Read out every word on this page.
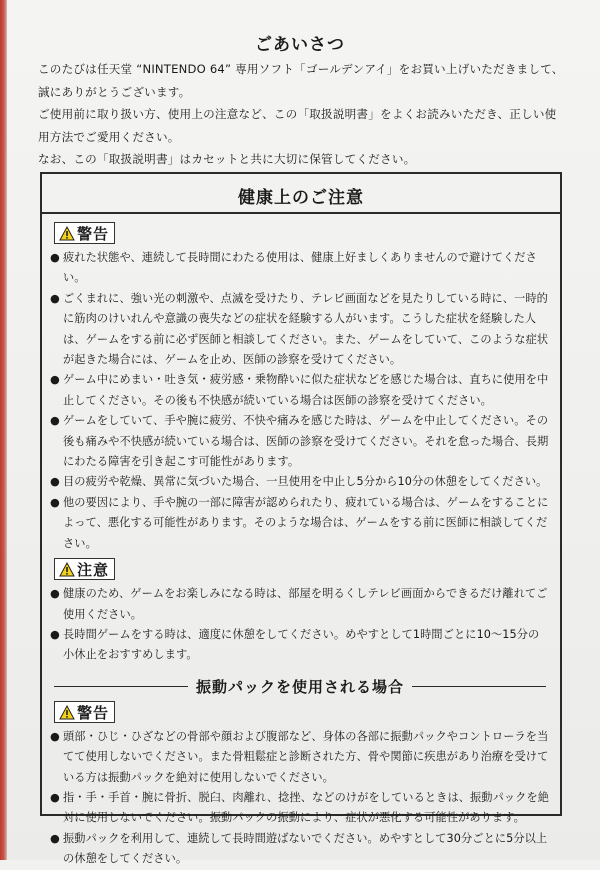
ごあいさつ

このたびは任天堂 “NINTENDO 64” 専用ソフト「ゴールデンアイ」をお買い上げいただきまして、誠にありがとうございます。

ご使用前に取り扱い方、使用上の注意など、この「取扱説明書」をよくお読みいただき、正しい使用方法でご愛用ください。

なお、この「取扱説明書」はカセットと共に大切に保管してください。

健康上のご注意
警告
● 疲れた状態や、連続して長時間にわたる使用は、健康上好ましくありませんので避けてください。
● ごくまれに、強い光の刺激や、点滅を受けたり、テレビ画面などを見たりしている時に、一時的に筋肉のけいれんや意識の喪失などの症状を経験する人がいます。こうした症状を経験した人は、ゲームをする前に必ず医師と相談してください。また、ゲームをしていて、このような症状が起きた場合には、ゲームを止め、医師の診察を受けてください。
● ゲーム中にめまい・吐き気・疲労感・乗物酔いに似た症状などを感じた場合は、直ちに使用を中止してください。その後も不快感が続いている場合は医師の診察を受けてください。
● ゲームをしていて、手や腕に疲労、不快や痛みを感じた時は、ゲームを中止してください。その後も痛みや不快感が続いている場合は、医師の診察を受けてください。それを怠った場合、長期にわたる障害を引き起こす可能性があります。
● 目の疲労や乾燥、異常に気づいた場合、一旦使用を中止し5分から10分の休憩をしてください。
● 他の要因により、手や腕の一部に障害が認められたり、疲れている場合は、ゲームをすることによって、悪化する可能性があります。そのような場合は、ゲームをする前に医師に相談してください。
注意
● 健康のため、ゲームをお楽しみになる時は、部屋を明るくしテレビ画面からできるだけ離れてご使用ください。
● 長時間ゲームをする時は、適度に休憩をしてください。めやすとして1時間ごとに10～15分の小休止をおすすめします。
振動パックを使用される場合
警告
● 頭部・ひじ・ひざなどの骨部や顔および腹部など、身体の各部に振動パックやコントローラを当てて使用しないでください。また骨粗鬆症と診断された方、骨や関節に疾患があり治療を受けている方は振動パックを絶対に使用しないでください。
● 指・手・手首・腕に骨折、脱臼、肉離れ、捻挫、などのけがをしているときは、振動パックを絶対に使用しないでください。振動パックの振動により、症状が悪化する可能性があります。
● 振動パックを利用して、連続して長時間遊ばないでください。めやすとして30分ごとに5分以上の休憩をしてください。
